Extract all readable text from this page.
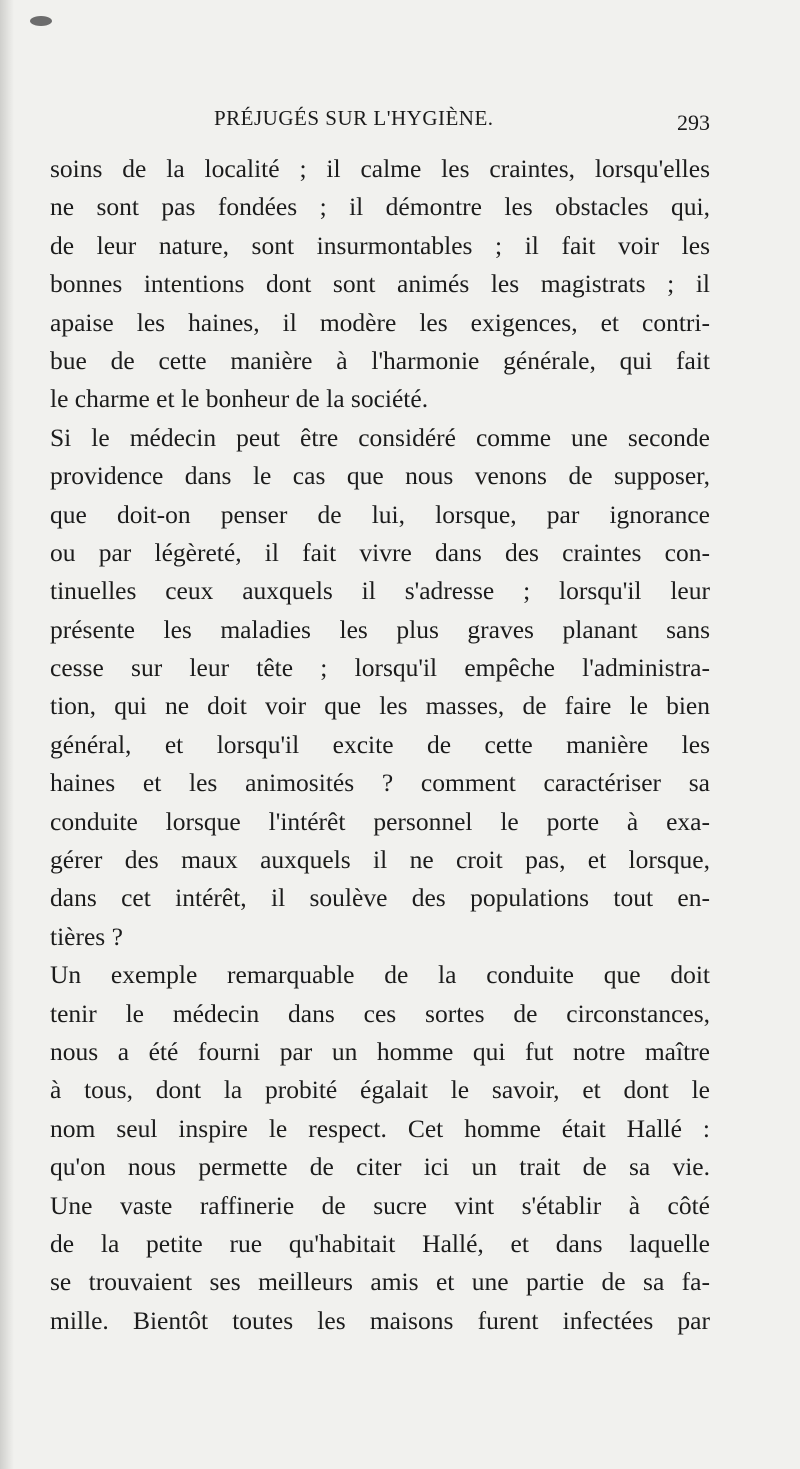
PRÉJUGÉS SUR L'HYGIÈNE.	293
soins de la localité ; il calme les craintes, lorsqu'elles
ne sont pas fondées ; il démontre les obstacles qui,
de leur nature, sont insurmontables ; il fait voir les
bonnes intentions dont sont animés les magistrats ; il
apaise les haines, il modère les exigences, et contri-
bue de cette manière à l'harmonie générale, qui fait
le charme et le bonheur de la société.
Si le médecin peut être considéré comme une seconde
providence dans le cas que nous venons de supposer,
que doit-on penser de lui, lorsque, par ignorance
ou par légèreté, il fait vivre dans des craintes con-
tinuelles ceux auxquels il s'adresse ; lorsqu'il leur
présente les maladies les plus graves planant sans
cesse sur leur tête ; lorsqu'il empêche l'administra-
tion, qui ne doit voir que les masses, de faire le bien
général, et lorsqu'il excite de cette manière les
haines et les animosités ? comment caractériser sa
conduite lorsque l'intérêt personnel le porte à exa-
gérer des maux auxquels il ne croit pas, et lorsque,
dans cet intérêt, il soulève des populations tout en-
tières ?
Un exemple remarquable de la conduite que doit
tenir le médecin dans ces sortes de circonstances,
nous a été fourni par un homme qui fut notre maître
à tous, dont la probité égalait le savoir, et dont le
nom seul inspire le respect. Cet homme était Hallé :
qu'on nous permette de citer ici un trait de sa vie.
Une vaste raffinerie de sucre vint s'établir à côté
de la petite rue qu'habitait Hallé, et dans laquelle
se trouvaient ses meilleurs amis et une partie de sa fa-
mille. Bientôt toutes les maisons furent infectées par
